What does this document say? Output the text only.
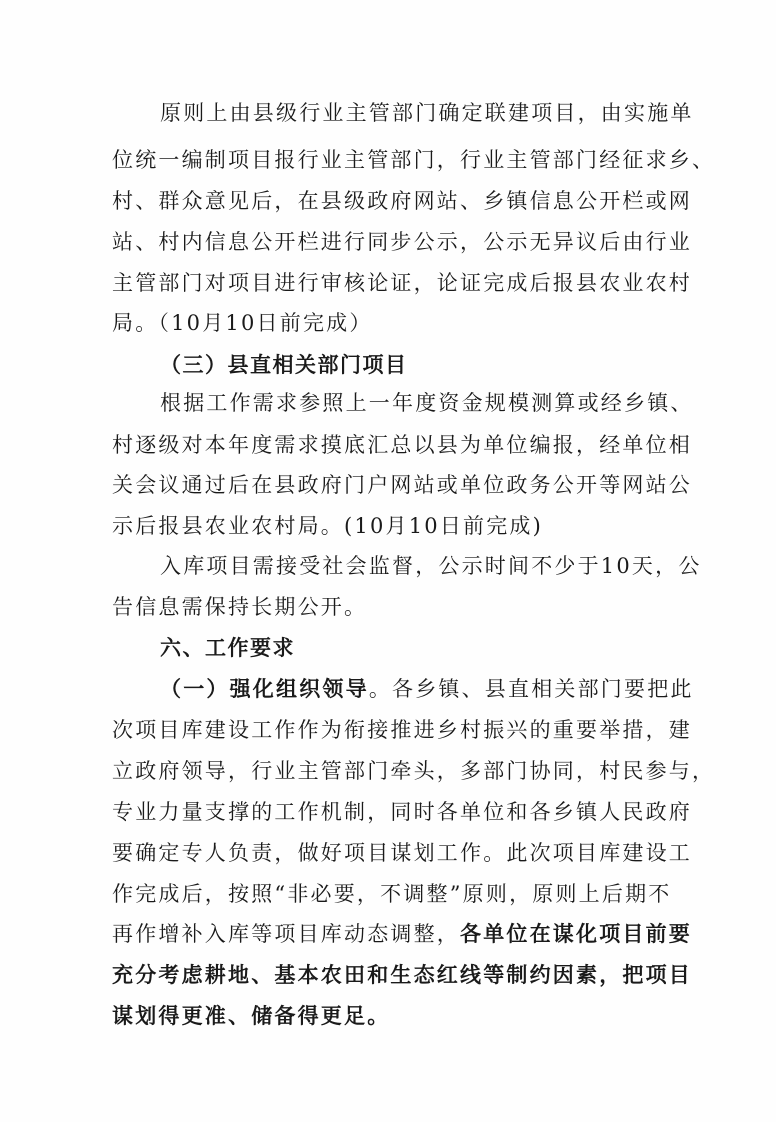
原则上由县级行业主管部门确定联建项目，由实施单
位统一编制项目报行业主管部门，行业主管部门经征求乡、
村、群众意见后，在县级政府网站、乡镇信息公开栏或网
站、村内信息公开栏进行同步公示，公示无异议后由行业
主管部门对项目进行审核论证，论证完成后报县农业农村
局。（10月10日前完成）
（三）县直相关部门项目
根据工作需求参照上一年度资金规模测算或经乡镇、
村逐级对本年度需求摸底汇总以县为单位编报，经单位相
关会议通过后在县政府门户网站或单位政务公开等网站公
示后报县农业农村局。(10月10日前完成)
入库项目需接受社会监督，公示时间不少于10天，公
告信息需保持长期公开。
六、工作要求
（一）强化组织领导。各乡镇、县直相关部门要把此
次项目库建设工作作为衔接推进乡村振兴的重要举措，建
立政府领导，行业主管部门牵头，多部门协同，村民参与，
专业力量支撑的工作机制，同时各单位和各乡镇人民政府
要确定专人负责，做好项目谋划工作。此次项目库建设工
作完成后，按照“非必要，不调整”原则，原则上后期不
再作增补入库等项目库动态调整，各单位在谋化项目前要
充分考虑耕地、基本农田和生态红线等制约因素，把项目
谋划得更准、储备得更足。
